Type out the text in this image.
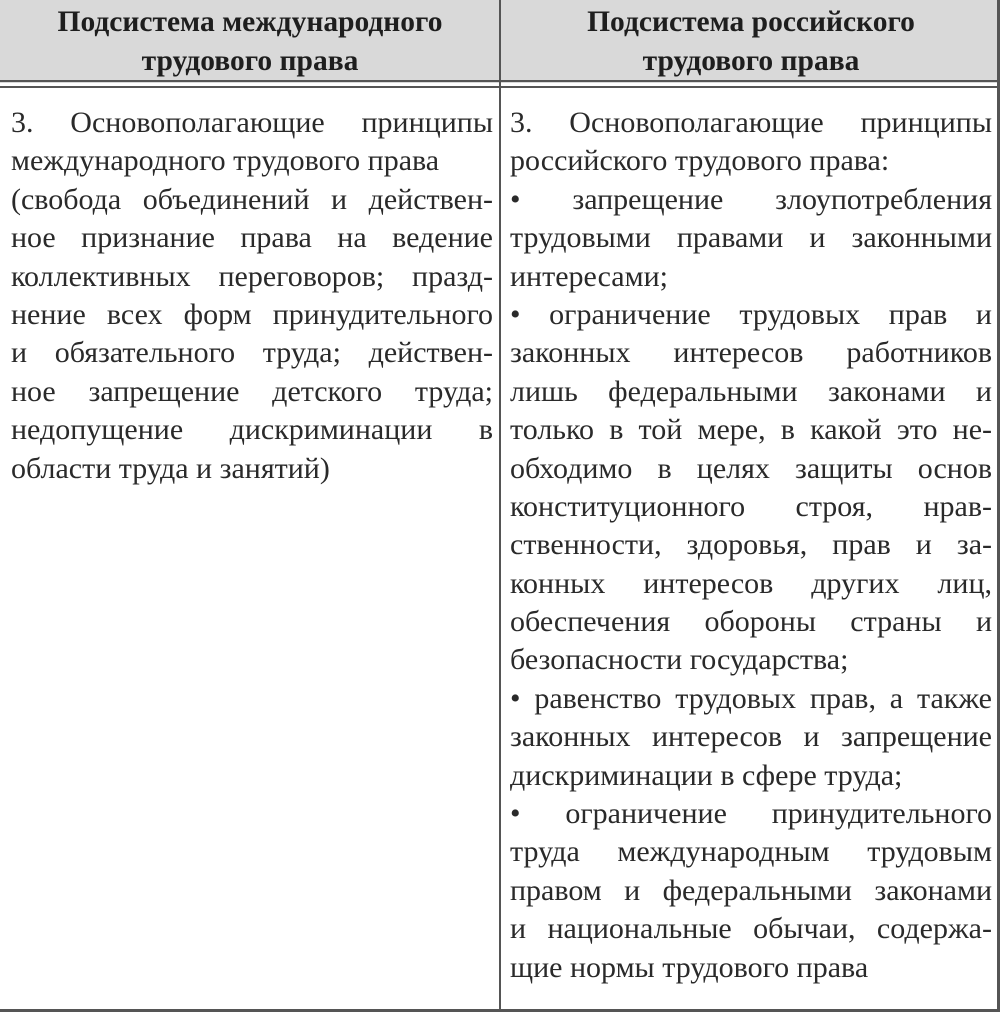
Подсистема международного
трудового права
Подсистема российского
трудового права
3. Основополагающие принципы
международного трудового права
(свобода объединений и действен-
ное признание права на ведение
коллективных переговоров; празд-
нение всех форм принудительного
и обязательного труда; действен-
ное запрещение детского труда;
недопущение дискриминации в
области труда и занятий)
3. Основополагающие принципы
российского трудового права:
• запрещение злоупотребления
трудовыми правами и законными
интересами;
• ограничение трудовых прав и
законных интересов работников
лишь федеральными законами и
только в той мере, в какой это не-
обходимо в целях защиты основ
конституционного строя, нрав-
ственности, здоровья, прав и за-
конных интересов других лиц,
обеспечения обороны страны и
безопасности государства;
• равенство трудовых прав, а также
законных интересов и запрещение
дискриминации в сфере труда;
• ограничение принудительного
труда международным трудовым
правом и федеральными законами
и национальные обычаи, содержа-
щие нормы трудового права
